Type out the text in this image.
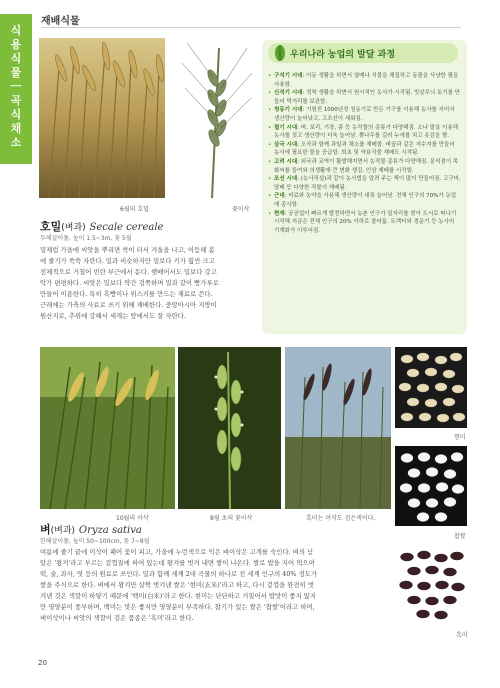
식용식물 ㅡ 곡식 채소
재배식물
6월의 호밀	꽃이삭
호밀(벼과) Secale cereale
두해살이풀, 높이 1.5~3m, 꽃 5월
밀재럼 가을에 씨앗을 뿌리면 싹이 터서 겨울을 나고, 이듬해 봄
에 줄기가 쑥쑥 자란다. 밀과 비슷하지만 밀보다 키가 훨씬 크고
전체적으로 거칠어 빈란 부근에서 돋다. 햇배어서도 밀보다 강고
악가 편평하다. 씨앗은 밀보다 약간 검쭉하며 밀과 같이 빵가루로
만들어 이용한다. 특히 흑빵이나 위스키를 만드는 재료로 쓴다.
근래에는 가축의 사료로 쓰기 위해 재배한다. 중앙아시아 지방이
원산지로, 추위에 강해서 세계는 땅에서도 잘 자란다.
우리나라 농업의 발달 과정
• 구석기 시대: 이동 생활을 하면서 열매나 식물을 채집하고 동물을 사냥한 필을 사용함.
• 신석기 시대: 정착 생활을 하면서 원시적인 농사가 시작됨. 빗살무늬 토기를 만들어 먹거리를 보관함.
• 청동기 시대: 기원전 1000년경 청동기로 만든 기구를 이용해 농사를 지어서 생산량이 늘어났고, 고조선이 세워짐.
• 철기 시대: 벼, 보리, 기장, 콩 등 농작물의 종류가 다양해짐. 소나 말을 이용해 농사를 짓고 생산량이 더욱 늘어남. 뽕나무를 길러 누에를 치고 옷감을 짬.
• 삼국 시대: 오곡과 함께 과일과 채소를 재배함. 벼꿀과 같은 저수지를 만들어 농사에 필요한 물을 공급함. 희초 및 약용식물 재배도 시작됨.
• 고려 시대: 외국과 교역이 활발해지면서 농작물 종류가 다양해짐. 문익점이 목화씨를 들여와 의생활에 큰 변화 생김. 인삼 재배를 시작함.
• 조선 시대: (농사직설)과 같이 농사법을 알려 주는 책이 많이 만들어짐. 고구마, 담배 등 다양한 작물이 재배됨.
• 근대: 비료와 농약을 사용해 생산량이 대폭 늘어남. 전체 인구의 70%가 농업에 종사함.
• 현재: 공공업이 빠르게 발전하면서 농촌 인구가 일자리를 찾아 도시로 떠나기 시작해 지금은 전체 인구의 20% 이하로 줄어듦. 트랙터와 경운기 등 농사의 기계화가 이루어짐.
10월의 이삭	8월 초의 꽃이삭	흑미는 이삭도 검은색이다.
현미
찹쌀
흑미
벼(벼과) Oryza sativa
한해살이풀, 높이 50~100cm, 꽃 7~8월
여름에 줄기 끝에 이삭이 패어 꽃이 피고, 가을에 누런색으로 익은 벼이삭은 고개를 숙인다. 벼의 낟
알은 '왕겨'라고 부르는 겉껍질에 싸여 있는데 왕겨를 벗겨 내면 쌀이 나온다. 쌀로 밥을 지어 먹으며
떡, 술, 과자, 엿 등의 원료로 쓰인다. 밀과 함께 세계 2대 곡물의 하나로 전 세계 인구의 40% 정도가
쌀을 주식으로 한다. 벼에서 왕겨만 살짝 벗겨낸 쌀은 '현미(玄米)'라고 하고, 다시 겉껍을 완전히 벗
겨낸 것은 색깔이 하얗기 때문에 '백미(白米)'라고 한다. 현미는 단단하고 거칠어서 밥맛이 좋지 않지
만 영양분이 풍부하며, 백미는 맛은 좋지만 영양분이 부족하다. 찹기가 있는 쌀은 '찹쌀'이라고 하며,
벼이삭이나 씨앗의 색깔이 검은 품종은 '흑미'라고 한다.
20
